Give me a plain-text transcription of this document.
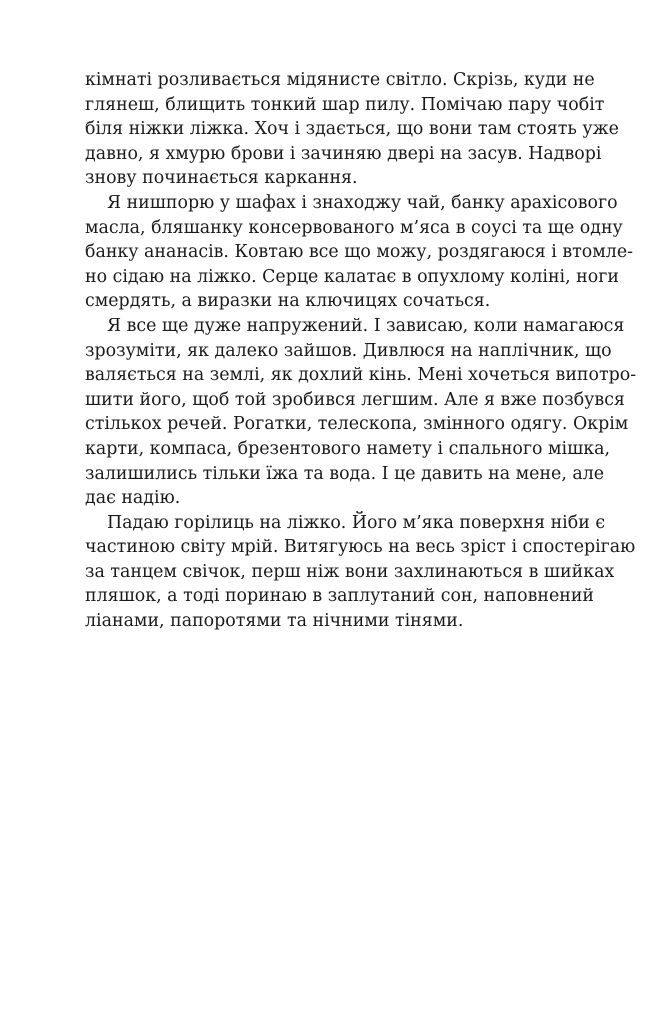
кімнаті розливається мідянисте світло. Скрізь, куди не
глянеш, блищить тонкий шар пилу. Помічаю пару чобіт
біля ніжки ліжка. Хоч і здається, що вони там стоять уже
давно, я хмурю брови і зачиняю двері на засув. Надворі
знову починається каркання.
Я нишпорю у шафах і знаходжу чай, банку арахісового
масла, бляшанку консервованого м’яса в соусі та ще одну
банку ананасів. Ковтаю все що можу, роздягаюся і втомле-
но сідаю на ліжко. Серце калатає в опухлому коліні, ноги
смердять, а виразки на ключицях сочаться.
Я все ще дуже напружений. І зависаю, коли намагаюся
зрозуміти, як далеко зайшов. Дивлюся на наплічник, що
валяється на землі, як дохлий кінь. Мені хочеться випотро-
шити його, щоб той зробився легшим. Але я вже позбувся
стількох речей. Рогатки, телескопа, змінного одягу. Окрім
карти, компаса, брезентового намету і спального мішка,
залишились тільки їжа та вода. І це давить на мене, але
дає надію.
Падаю горілиць на ліжко. Його м’яка поверхня ніби є
частиною світу мрій. Витягуюсь на весь зріст і спостерігаю
за танцем свічок, перш ніж вони захлинаються в шийках
пляшок, а тоді поринаю в заплутаний сон, наповнений
ліанами, папоротями та нічними тінями.
